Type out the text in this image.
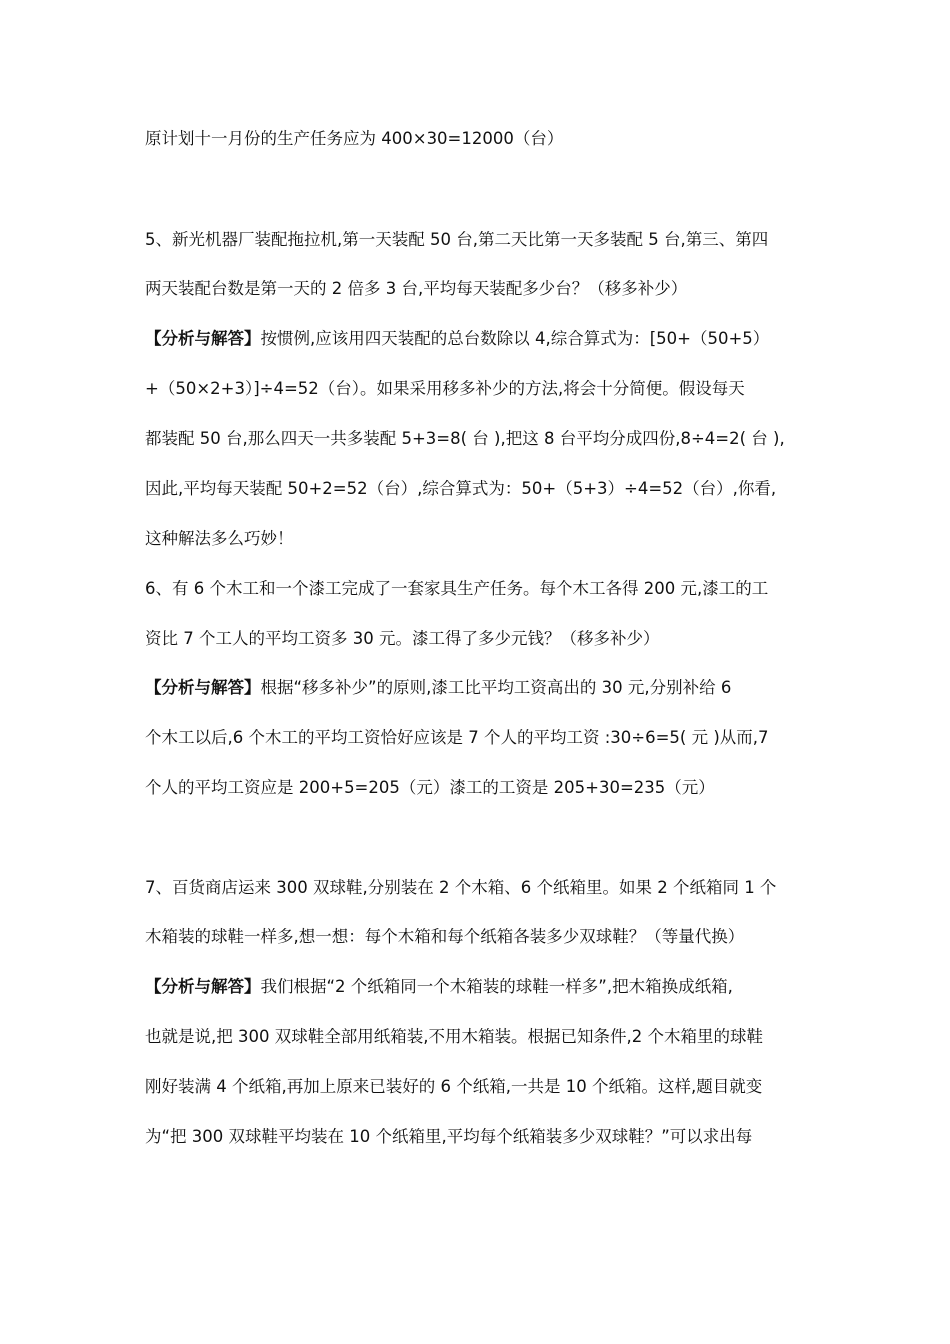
原计划十一月份的生产任务应为 400×30=12000（台）
5、新光机器厂装配拖拉机,第一天装配 50 台,第二天比第一天多装配 5 台,第三、第四
两天装配台数是第一天的 2 倍多 3 台,平均每天装配多少台？（移多补少）
【分析与解答】按惯例,应该用四天装配的总台数除以 4,综合算式为：[50+（50+5）
+（50×2+3）]÷4=52（台）。如果采用移多补少的方法,将会十分简便。假设每天
都装配 50 台,那么四天一共多装配 5+3=8( 台 ),把这 8 台平均分成四份,8÷4=2( 台 ),
因此,平均每天装配 50+2=52（台）,综合算式为：50+（5+3）÷4=52（台）,你看,
这种解法多么巧妙！
6、有 6 个木工和一个漆工完成了一套家具生产任务。每个木工各得 200 元,漆工的工
资比 7 个工人的平均工资多 30 元。漆工得了多少元钱？（移多补少）
【分析与解答】根据“移多补少”的原则,漆工比平均工资高出的 30 元,分别补给 6
个木工以后,6 个木工的平均工资恰好应该是 7 个人的平均工资 :30÷6=5( 元 )从而,7
个人的平均工资应是 200+5=205（元）漆工的工资是 205+30=235（元）
7、百货商店运来 300 双球鞋,分别装在 2 个木箱、6 个纸箱里。如果 2 个纸箱同 1 个
木箱装的球鞋一样多,想一想：每个木箱和每个纸箱各装多少双球鞋？（等量代换）
【分析与解答】我们根据“2 个纸箱同一个木箱装的球鞋一样多”,把木箱换成纸箱,
也就是说,把 300 双球鞋全部用纸箱装,不用木箱装。根据已知条件,2 个木箱里的球鞋
刚好装满 4 个纸箱,再加上原来已装好的 6 个纸箱,一共是 10 个纸箱。这样,题目就变
为“把 300 双球鞋平均装在 10 个纸箱里,平均每个纸箱装多少双球鞋？”可以求出每
